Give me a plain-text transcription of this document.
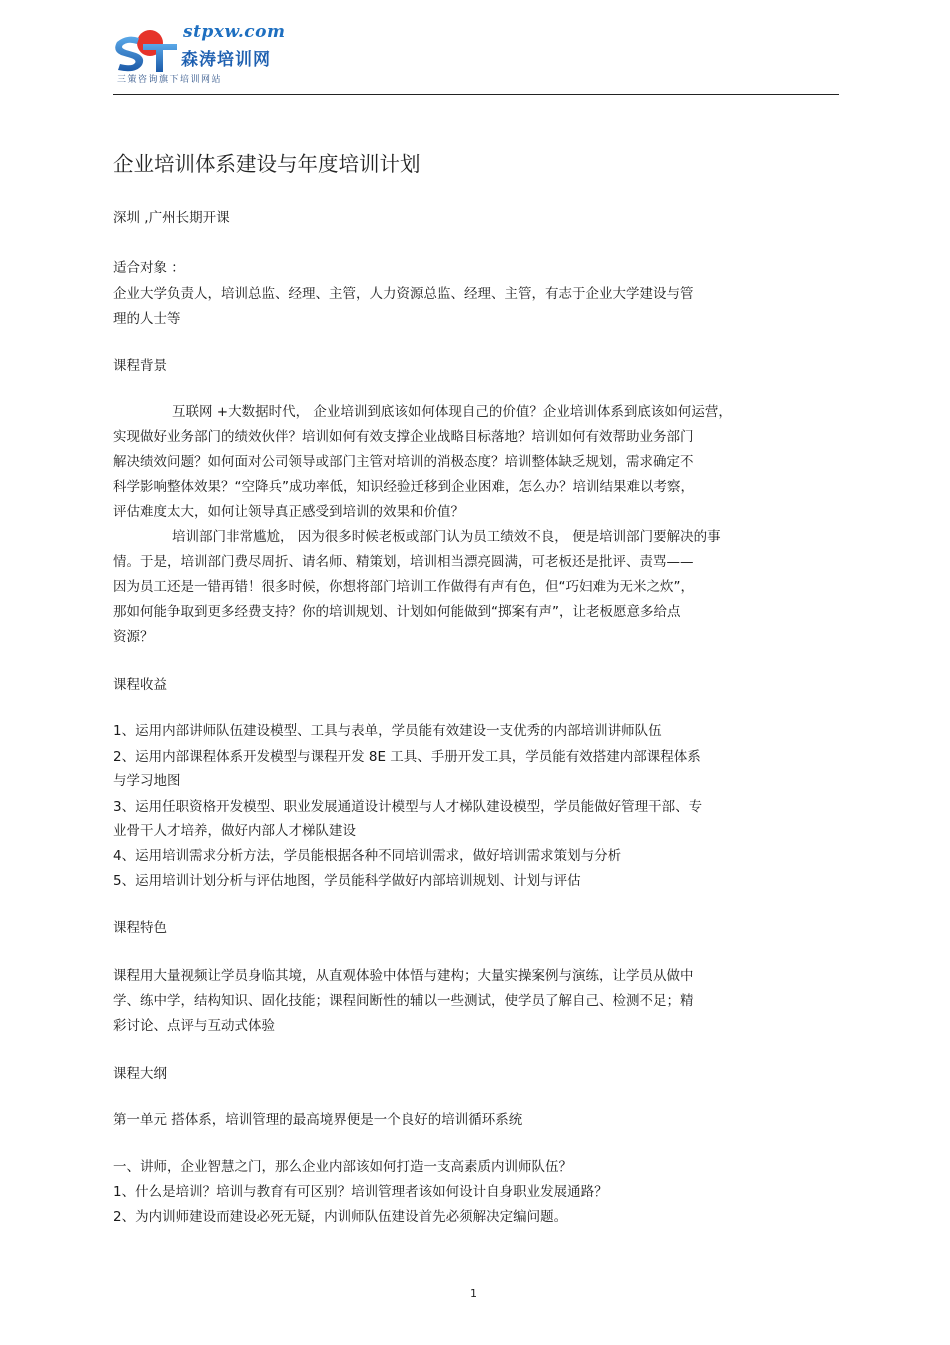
stpxw.com
森涛培训网
三策咨询旗下培训网站
企业培训体系建设与年度培训计划
深圳 ,广州长期开课
适合对象 ：
企业大学负责人，培训总监、经理、主管，人力资源总监、经理、主管，有志于企业大学建设与管
理的人士等
课程背景
互联网 +大数据时代， 企业培训到底该如何体现自己的价值？企业培训体系到底该如何运营，
实现做好业务部门的绩效伙伴？培训如何有效支撑企业战略目标落地？培训如何有效帮助业务部门
解决绩效问题？如何面对公司领导或部门主管对培训的消极态度？培训整体缺乏规划，需求确定不
科学影响整体效果？“空降兵”成功率低，知识经验迁移到企业困难，怎么办？培训结果难以考察，
评估难度太大，如何让领导真正感受到培训的效果和价值？
培训部门非常尴尬， 因为很多时候老板或部门认为员工绩效不良， 便是培训部门要解决的事
情。于是，培训部门费尽周折、请名师、精策划，培训相当漂亮圆满，可老板还是批评、责骂——
因为员工还是一错再错！很多时候，你想将部门培训工作做得有声有色，但“巧妇难为无米之炊”，
那如何能争取到更多经费支持？你的培训规划、计划如何能做到“掷案有声”，让老板愿意多给点
资源？
课程收益
1、运用内部讲师队伍建设模型、工具与表单，学员能有效建设一支优秀的内部培训讲师队伍
2、运用内部课程体系开发模型与课程开发 8E 工具、手册开发工具，学员能有效搭建内部课程体系
与学习地图
3、运用任职资格开发模型、职业发展通道设计模型与人才梯队建设模型，学员能做好管理干部、专
业骨干人才培养，做好内部人才梯队建设
4、运用培训需求分析方法，学员能根据各种不同培训需求，做好培训需求策划与分析
5、运用培训计划分析与评估地图，学员能科学做好内部培训规划、计划与评估
课程特色
课程用大量视频让学员身临其境，从直观体验中体悟与建构；大量实操案例与演练，让学员从做中
学、练中学，结构知识、固化技能；课程间断性的辅以一些测试，使学员了解自己、检测不足；精
彩讨论、点评与互动式体验
课程大纲
第一单元 搭体系，培训管理的最高境界便是一个良好的培训循环系统
一、讲师，企业智慧之门，那么企业内部该如何打造一支高素质内训师队伍？
1、什么是培训？培训与教育有可区别？培训管理者该如何设计自身职业发展通路？
2、为内训师建设而建设必死无疑，内训师队伍建设首先必须解决定编问题。
1
